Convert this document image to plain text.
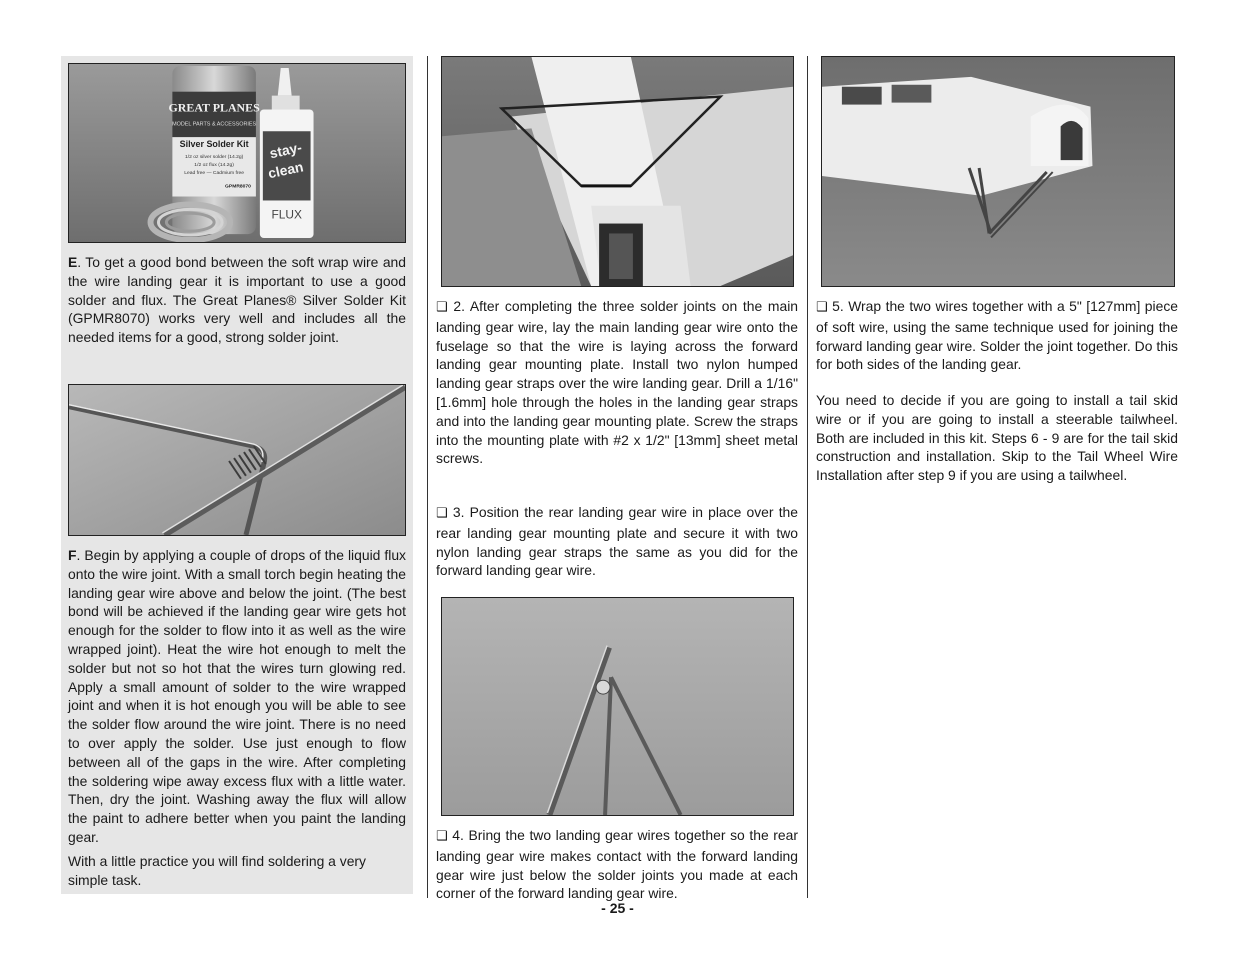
GREAT PLANES
MODEL PARTS & ACCESSORIES
Silver Solder Kit
1/2 oz silver solder (14.2g)
1/2 oz flux (14.2g)
Lead free — Cadmium free
GPMR8070
stay-
clean
FLUX

E. To get a good bond between the soft wrap wire and the wire landing gear it is important to use a good solder and flux. The Great Planes® Silver Solder Kit (GPMR8070) works very well and includes all the needed items for a good, strong solder joint.

F. Begin by applying a couple of drops of the liquid flux onto the wire joint. With a small torch begin heating the landing gear wire above and below the joint. (The best bond will be achieved if the landing gear wire gets hot enough for the solder to flow into it as well as the wire wrapped joint). Heat the wire hot enough to melt the solder but not so hot that the wires turn glowing red. Apply a small amount of solder to the wire wrapped joint and when it is hot enough you will be able to see the solder flow around the wire joint. There is no need to over apply the solder. Use just enough to flow between all of the gaps in the wire. After completing the soldering wipe away excess flux with a little water. Then, dry the joint. Washing away the flux will allow the paint to adhere better when you paint the landing gear.

With a little practice you will find soldering a very simple task.

❑ 2. After completing the three solder joints on the main landing gear wire, lay the main landing gear wire onto the fuselage so that the wire is laying across the forward landing gear mounting plate. Install two nylon humped landing gear straps over the wire landing gear. Drill a 1/16" [1.6mm] hole through the holes in the landing gear straps and into the landing gear mounting plate. Screw the straps into the mounting plate with #2 x 1/2" [13mm] sheet metal screws.

❑ 3. Position the rear landing gear wire in place over the rear landing gear mounting plate and secure it with two nylon landing gear straps the same as you did for the forward landing gear wire.

❑ 4. Bring the two landing gear wires together so the rear landing gear wire makes contact with the forward landing gear wire just below the solder joints you made at each corner of the forward landing gear wire.

❑ 5. Wrap the two wires together with a 5" [127mm] piece of soft wire, using the same technique used for joining the forward landing gear wire. Solder the joint together. Do this for both sides of the landing gear.

You need to decide if you are going to install a tail skid wire or if you are going to install a steerable tailwheel. Both are included in this kit. Steps 6 - 9 are for the tail skid construction and installation. Skip to the Tail Wheel Wire Installation after step 9 if you are using a tailwheel.

- 25 -
